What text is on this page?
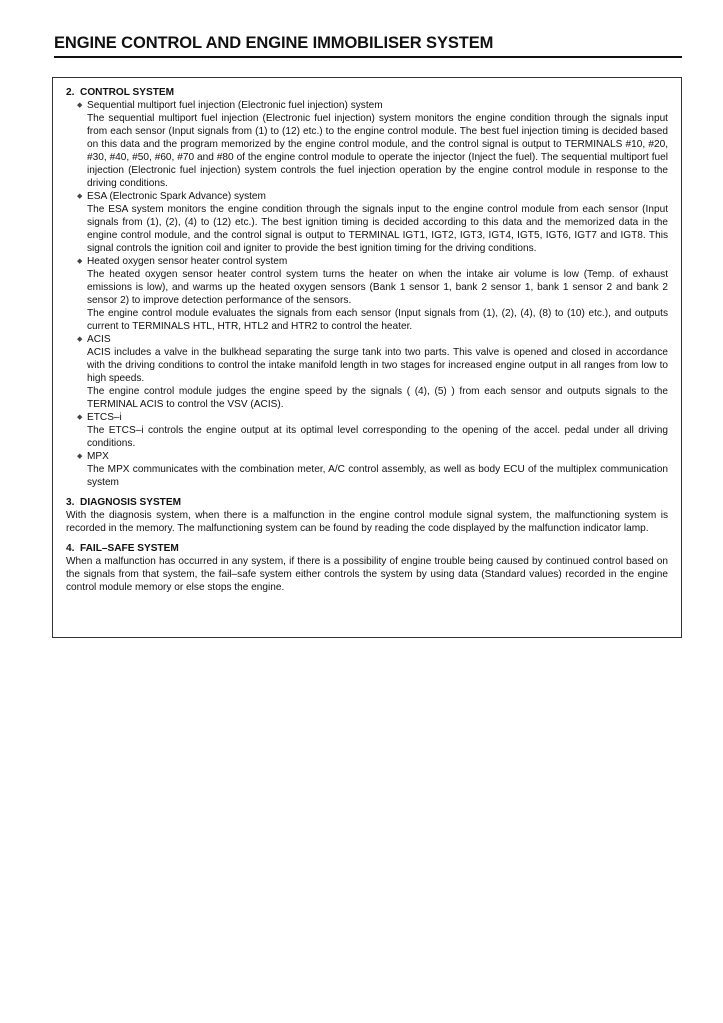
ENGINE CONTROL AND ENGINE IMMOBILISER SYSTEM
2. CONTROL SYSTEM
◆ Sequential multiport fuel injection (Electronic fuel injection) system

The sequential multiport fuel injection (Electronic fuel injection) system monitors the engine condition through the signals input from each sensor (Input signals from (1) to (12) etc.) to the engine control module. The best fuel injection timing is decided based on this data and the program memorized by the engine control module, and the control signal is output to TERMINALS #10, #20, #30, #40, #50, #60, #70 and #80 of the engine control module to operate the injector (Inject the fuel). The sequential multiport fuel injection (Electronic fuel injection) system controls the fuel injection operation by the engine control module in response to the driving conditions.

◆ ESA (Electronic Spark Advance) system

The ESA system monitors the engine condition through the signals input to the engine control module from each sensor (Input signals from (1), (2), (4) to (12) etc.). The best ignition timing is decided according to this data and the memorized data in the engine control module, and the control signal is output to TERMINAL IGT1, IGT2, IGT3, IGT4, IGT5, IGT6, IGT7 and IGT8. This signal controls the ignition coil and igniter to provide the best ignition timing for the driving conditions.

◆ Heated oxygen sensor heater control system

The heated oxygen sensor heater control system turns the heater on when the intake air volume is low (Temp. of exhaust emissions is low), and warms up the heated oxygen sensors (Bank 1 sensor 1, bank 2 sensor 1, bank 1 sensor 2 and bank 2 sensor 2) to improve detection performance of the sensors.

The engine control module evaluates the signals from each sensor (Input signals from (1), (2), (4), (8) to (10) etc.), and outputs current to TERMINALS HTL, HTR, HTL2 and HTR2 to control the heater.

◆ ACIS

ACIS includes a valve in the bulkhead separating the surge tank into two parts. This valve is opened and closed in accordance with the driving conditions to control the intake manifold length in two stages for increased engine output in all ranges from low to high speeds.

The engine control module judges the engine speed by the signals ( (4), (5) ) from each sensor and outputs signals to the TERMINAL ACIS to control the VSV (ACIS).

◆ ETCS–i

The ETCS–i controls the engine output at its optimal level corresponding to the opening of the accel. pedal under all driving conditions.

◆ MPX

The MPX communicates with the combination meter, A/C control assembly, as well as body ECU of the multiplex communication system

3. DIAGNOSIS SYSTEM

With the diagnosis system, when there is a malfunction in the engine control module signal system, the malfunctioning system is recorded in the memory. The malfunctioning system can be found by reading the code displayed by the malfunction indicator lamp.

4. FAIL–SAFE SYSTEM

When a malfunction has occurred in any system, if there is a possibility of engine trouble being caused by continued control based on the signals from that system, the fail–safe system either controls the system by using data (Standard values) recorded in the engine control module memory or else stops the engine.
